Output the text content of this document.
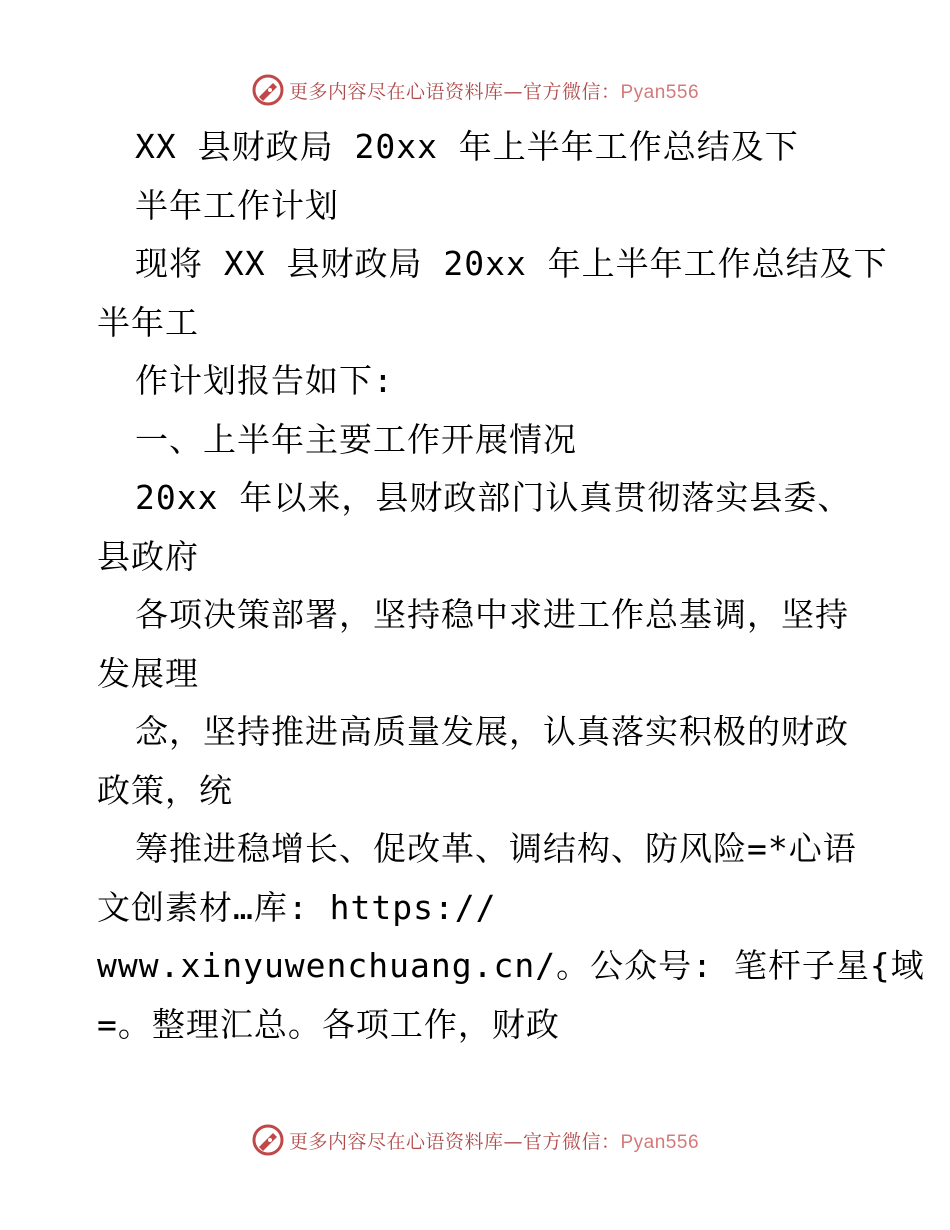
更多内容尽在心语资料库—官方微信：Pyan556
XX 县财政局 20xx 年上半年工作总结及下
半年工作计划
现将 XX 县财政局 20xx 年上半年工作总结及下
半年工
作计划报告如下:
一、上半年主要工作开展情况
20xx 年以来，县财政部门认真贯彻落实县委、
县政府
各项决策部署，坚持稳中求进工作总基调，坚持
发展理
念，坚持推进高质量发展，认真落实积极的财政
政策，统
筹推进稳增长、促改革、调结构、防风险=*心语
文创素材…库: https://
www.xinyuwenchuang.cn/。公众号: 笔杆子星{域
=。整理汇总。各项工作，财政
更多内容尽在心语资料库—官方微信：Pyan556
